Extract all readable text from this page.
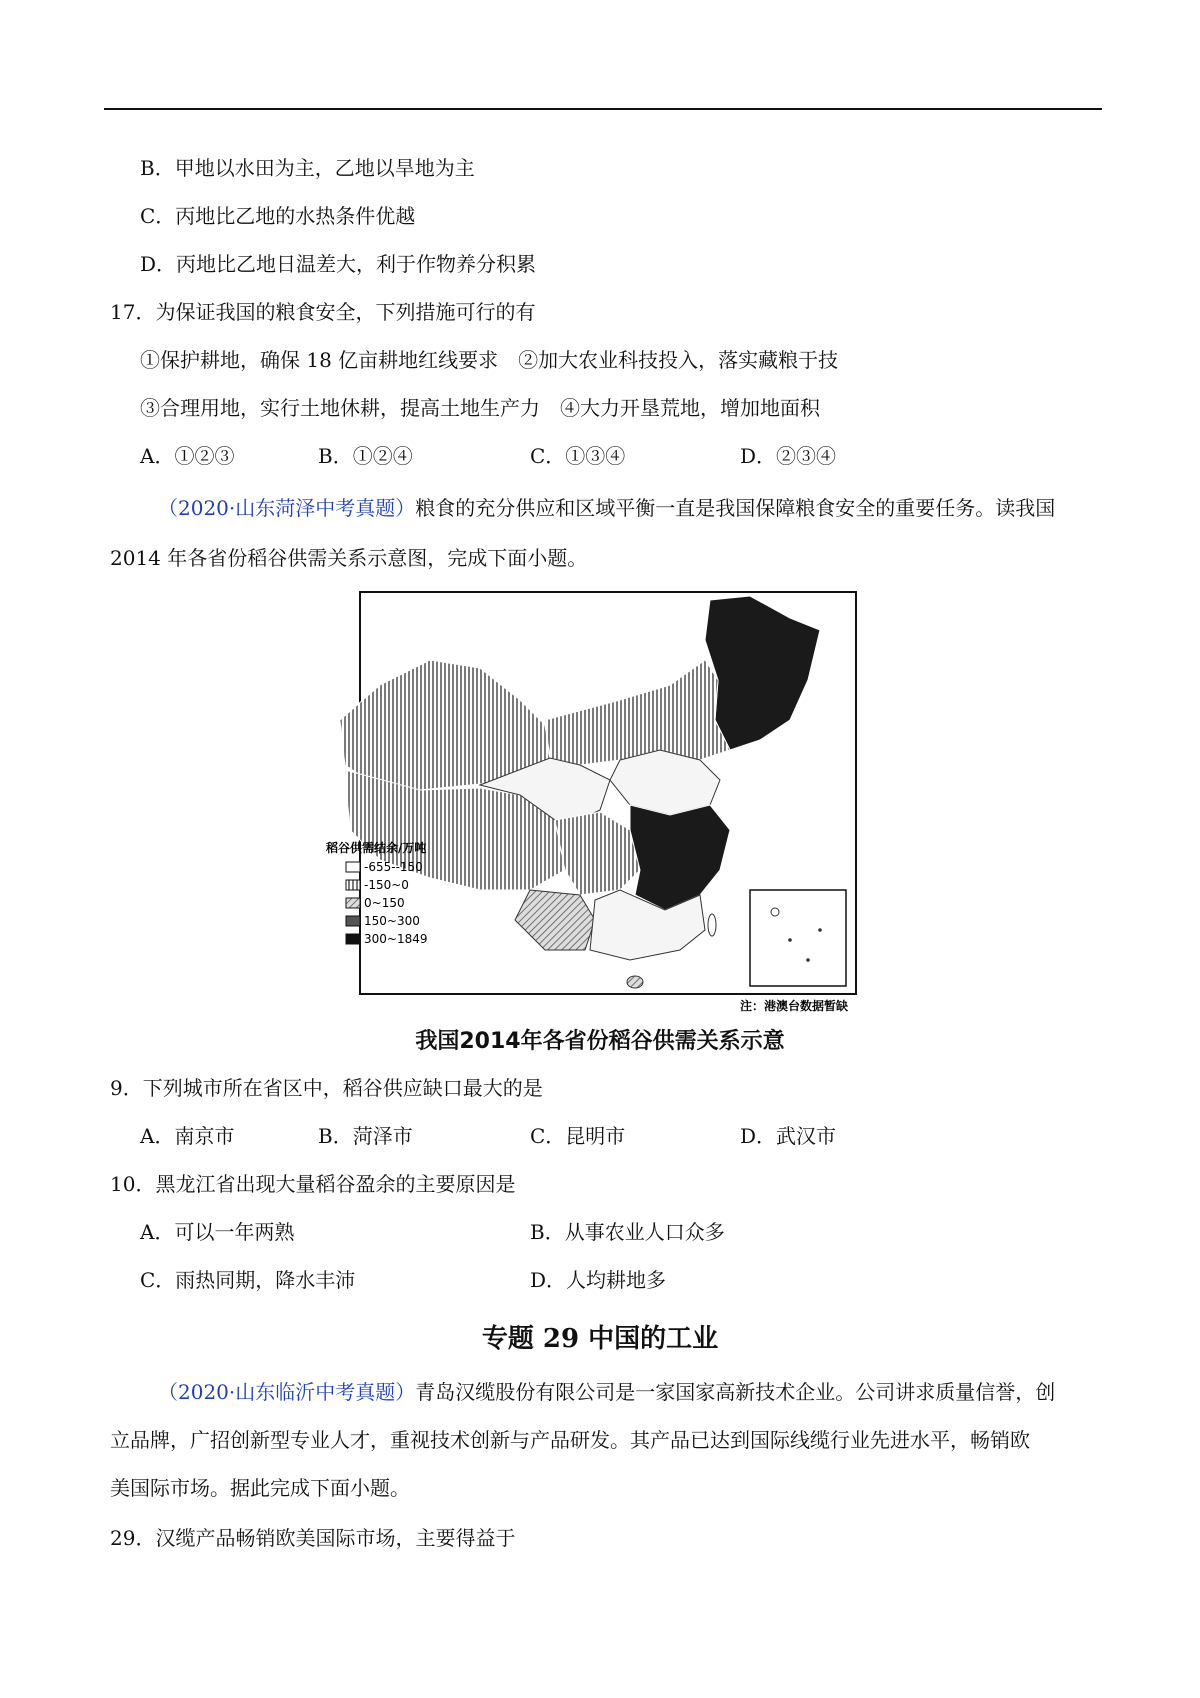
B．甲地以水田为主，乙地以旱地为主
C．丙地比乙地的水热条件优越
D．丙地比乙地日温差大，利于作物养分积累
17．为保证我国的粮食安全，下列措施可行的有
①保护耕地，确保 18 亿亩耕地红线要求　②加大农业科技投入，落实藏粮于技
③合理用地，实行土地休耕，提高土地生产力　④大力开垦荒地，增加地面积
A．①②③	B．①②④	C．①③④	D．②③④
（2020·山东菏泽中考真题）粮食的充分供应和区域平衡一直是我国保障粮食安全的重要任务。读我国
2014 年各省份稻谷供需关系示意图，完成下面小题。
稻谷供需结余/万吨
-655--150
-150~0
0~150
150~300
300~1849
注：港澳台数据暂缺
我国2014年各省份稻谷供需关系示意
9．下列城市所在省区中，稻谷供应缺口最大的是
A．南京市	B．菏泽市	C．昆明市	D．武汉市
10．黑龙江省出现大量稻谷盈余的主要原因是
A．可以一年两熟	B．从事农业人口众多
C．雨热同期，降水丰沛	D．人均耕地多
专题 29 中国的工业
（2020·山东临沂中考真题）青岛汉缆股份有限公司是一家国家高新技术企业。公司讲求质量信誉，创
立品牌，广招创新型专业人才，重视技术创新与产品研发。其产品已达到国际线缆行业先进水平，畅销欧
美国际市场。据此完成下面小题。
29．汉缆产品畅销欧美国际市场，主要得益于
